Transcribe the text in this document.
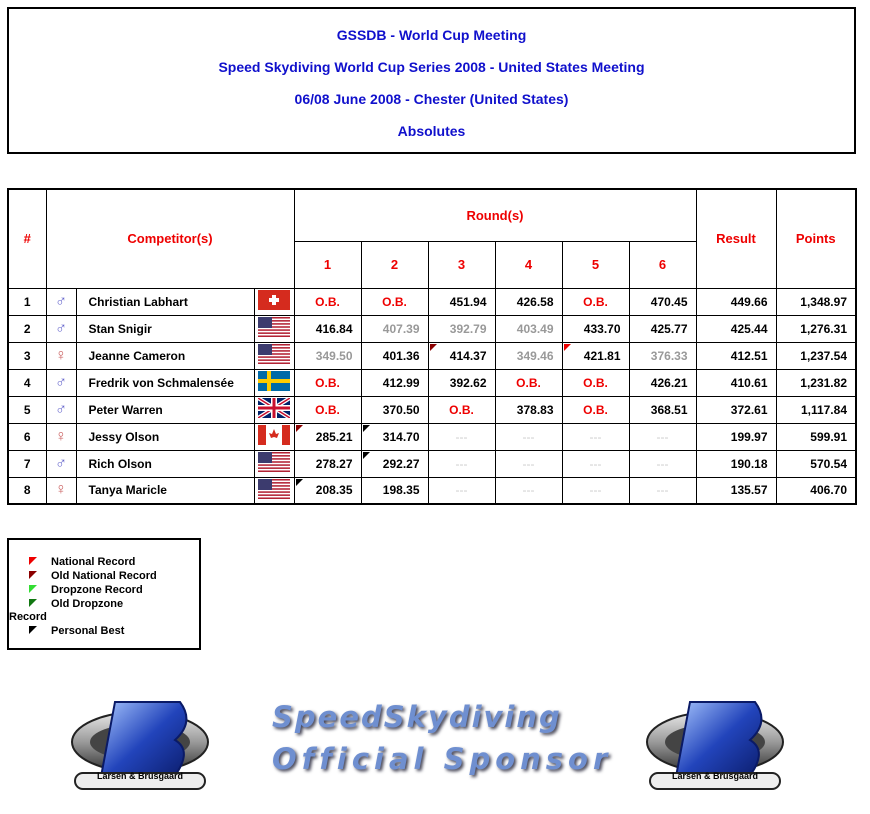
GSSDB - World Cup Meeting
Speed Skydiving World Cup Series 2008 - United States Meeting
06/08 June 2008 - Chester (United States)
Absolutes
#	Competitor(s)			Round(s)						Result	Points
				1	2	3	4	5	6		
1	♂	Christian Labhart		O.B.	O.B.	451.94	426.58	O.B.	470.45	449.66	1,348.97
2	♂	Stan Snigir		416.84	407.39	392.79	403.49	433.70	425.77	425.44	1,276.31
3	♀	Jeanne Cameron		349.50	401.36	414.37	349.46	421.81	376.33	412.51	1,237.54
4	♂	Fredrik von Schmalensée		O.B.	412.99	392.62	O.B.	O.B.	426.21	410.61	1,231.82
5	♂	Peter Warren		O.B.	370.50	O.B.	378.83	O.B.	368.51	372.61	1,117.84
6	♀	Jessy Olson		285.21	314.70	---	---	---	---	199.97	599.91
7	♂	Rich Olson		278.27	292.27	---	---	---	---	190.18	570.54
8	♀	Tanya Maricle		208.35	198.35	---	---	---	---	135.57	406.70
National Record
Old National Record
Dropzone Record
Old Dropzone
Record
Personal Best
Larsen & Brusgaard	Larsen & Brusgaard
SpeedSkydiving
Official Sponsor
